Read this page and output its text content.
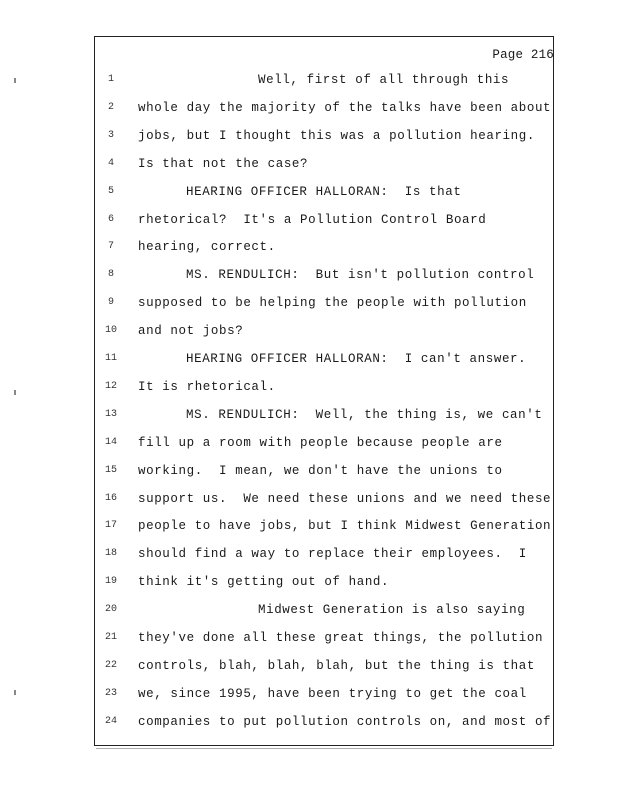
Page 216
1	Well, first of all through this
2	whole day the majority of the talks have been about
3	jobs, but I thought this was a pollution hearing.
4	Is that not the case?
5	HEARING OFFICER HALLORAN:  Is that
6	rhetorical?  It's a Pollution Control Board
7	hearing, correct.
8	MS. RENDULICH:  But isn't pollution control
9	supposed to be helping the people with pollution
10	and not jobs?
11	HEARING OFFICER HALLORAN:  I can't answer.
12	It is rhetorical.
13	MS. RENDULICH:  Well, the thing is, we can't
14	fill up a room with people because people are
15	working.  I mean, we don't have the unions to
16	support us.  We need these unions and we need these
17	people to have jobs, but I think Midwest Generation
18	should find a way to replace their employees.  I
19	think it's getting out of hand.
20	Midwest Generation is also saying
21	they've done all these great things, the pollution
22	controls, blah, blah, blah, but the thing is that
23	we, since 1995, have been trying to get the coal
24	companies to put pollution controls on, and most of
